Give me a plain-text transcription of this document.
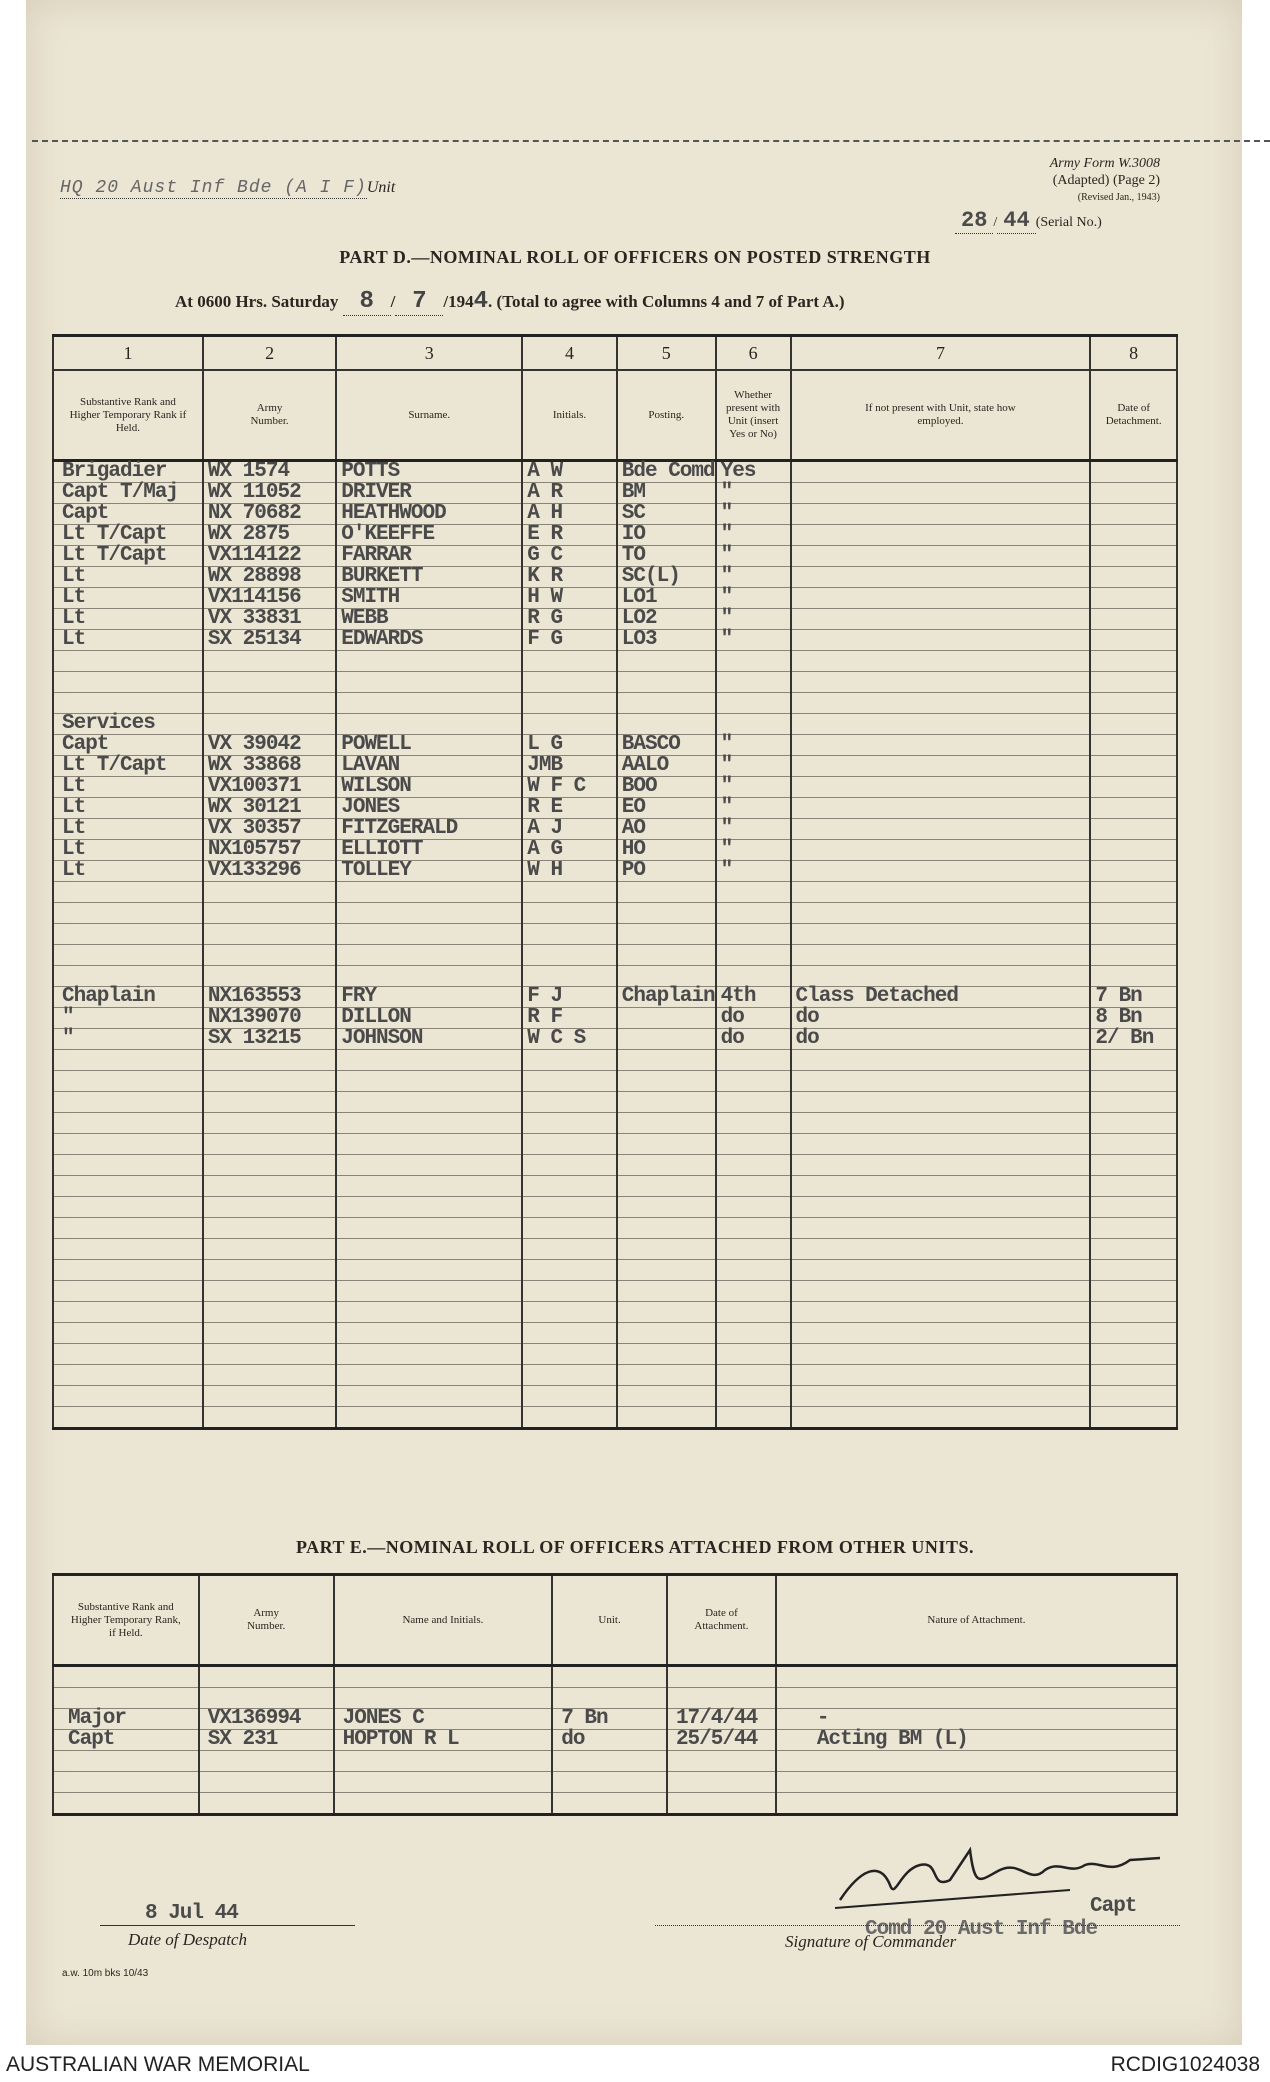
Army Form W.3008
(Adapted) (Page 2)
(Revised Jan., 1943)
28 / 44 (Serial No.)
HQ 20 Aust Inf Bde (A I F)Unit
PART D.—NOMINAL ROLL OF OFFICERS ON POSTED STRENGTH
At 0600 Hrs. Saturday 8 / 7 /1944. (Total to agree with Columns 4 and 7 of Part A.)
1	2	3	4	5	6	7	8
Substantive Rank and Higher Temporary Rank if Held.	Army Number.	Surname.	Initials.	Posting.	Whether present with Unit (insert Yes or No)	If not present with Unit, state how employed.	Date of Detachment.
Brigadier	WX 1574	POTTS	A W	Bde Comd	Yes		
Capt T/Maj	WX 11052	DRIVER	A R	BM	"		
Capt	NX 70682	HEATHWOOD	A H	SC	"		
Lt T/Capt	WX 2875	O'KEEFFE	E R	IO	"		
Lt T/Capt	VX114122	FARRAR	G C	TO	"		
Lt	WX 28898	BURKETT	K R	SC(L)	"		
Lt	VX114156	SMITH	H W	LO1	"		
Lt	VX 33831	WEBB	R G	LO2	"		
Lt	SX 25134	EDWARDS	F G	LO3	"		

Services							
Capt	VX 39042	POWELL	L G	BASCO	"		
Lt T/Capt	WX 33868	LAVAN	JMB	AALO	"		
Lt	VX100371	WILSON	W F C	BOO	"		
Lt	WX 30121	JONES	R E	EO	"		
Lt	VX 30357	FITZGERALD	A J	AO	"		
Lt	NX105757	ELLIOTT	A G	HO	"		
Lt	VX133296	TOLLEY	W H	PO	"		

Chaplain	NX163553	FRY	F J	Chaplain	4th	Class Detached	7 Bn
"	NX139070	DILLON	R F		do	do	8 Bn
"	SX 13215	JOHNSON	W C S		do	do	2/ Bn

PART E.—NOMINAL ROLL OF OFFICERS ATTACHED FROM OTHER UNITS.
Substantive Rank and Higher Temporary Rank, if Held.	Army Number.	Name and Initials.	Unit.	Date of Attachment.	Nature of Attachment.

Major	VX136994	JONES C	7 Bn	17/4/44	-
Capt	SX 231	HOPTON R L	do	25/5/44	Acting BM (L)

8 Jul 44
Date of Despatch
Capt
Comd 20 Aust Inf Bde
Signature of Commander
a.w. 10m bks 10/43
AUSTRALIAN WAR MEMORIAL	RCDIG1024038
